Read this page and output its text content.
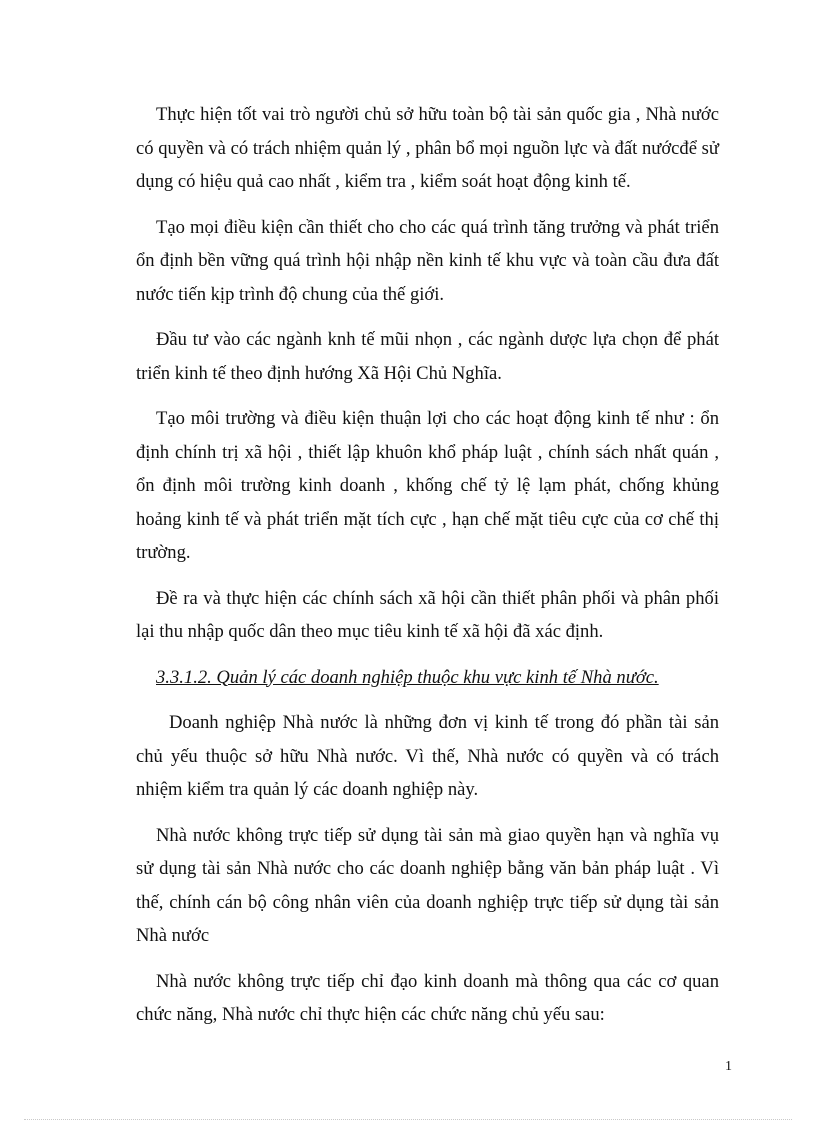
Thực hiện tốt vai trò người chủ sở hữu toàn bộ tài sản quốc gia , Nhà nước có quyền và có trách nhiệm quản lý , phân bổ mọi nguồn lực và đất nướcđể sử dụng có hiệu quả cao nhất , kiểm tra , kiểm soát hoạt động kinh tế.

Tạo mọi điều kiện cần thiết cho cho các quá trình tăng trưởng và phát triển ổn định bền vững quá trình hội nhập nền kinh tế khu vực và toàn cầu đưa đất nước tiến kịp trình độ chung của thế giới.

Đầu tư vào các ngành knh tế mũi nhọn , các ngành dược lựa chọn để phát triển kinh tế theo định hướng Xã Hội Chủ Nghĩa.

Tạo môi trường và điều kiện thuận lợi cho các hoạt động kinh tế như : ổn định chính trị xã hội , thiết lập khuôn khổ pháp luật , chính sách nhất quán , ổn định môi trường kinh doanh , khống chế tỷ lệ lạm phát, chống khủng hoảng kinh tế và phát triển mặt tích cực , hạn chế mặt tiêu cực của cơ chế thị trường.

Đề ra và thực hiện các chính sách xã hội cần thiết phân phối và phân phối lại thu nhập quốc dân theo mục tiêu kinh tế xã hội đã xác định.

3.3.1.2. Quản lý các doanh nghiệp thuộc khu vực kinh tế Nhà nước.

Doanh nghiệp Nhà nước là những đơn vị kinh tế trong đó phần tài sản chủ yếu thuộc sở hữu Nhà nước. Vì thế, Nhà nước có quyền và có trách nhiệm kiểm tra quản lý các doanh nghiệp này.

Nhà nước không trực tiếp sử dụng tài sản mà giao quyền hạn và nghĩa vụ sử dụng tài sản Nhà nước cho các doanh nghiệp bằng văn bản pháp luật . Vì thế, chính cán bộ công nhân viên của doanh nghiệp trực tiếp sử dụng tài sản Nhà nước

Nhà nước không trực tiếp chỉ đạo kinh doanh mà thông qua các cơ quan chức năng, Nhà nước chỉ thực hiện các chức năng chủ yếu sau:

1
